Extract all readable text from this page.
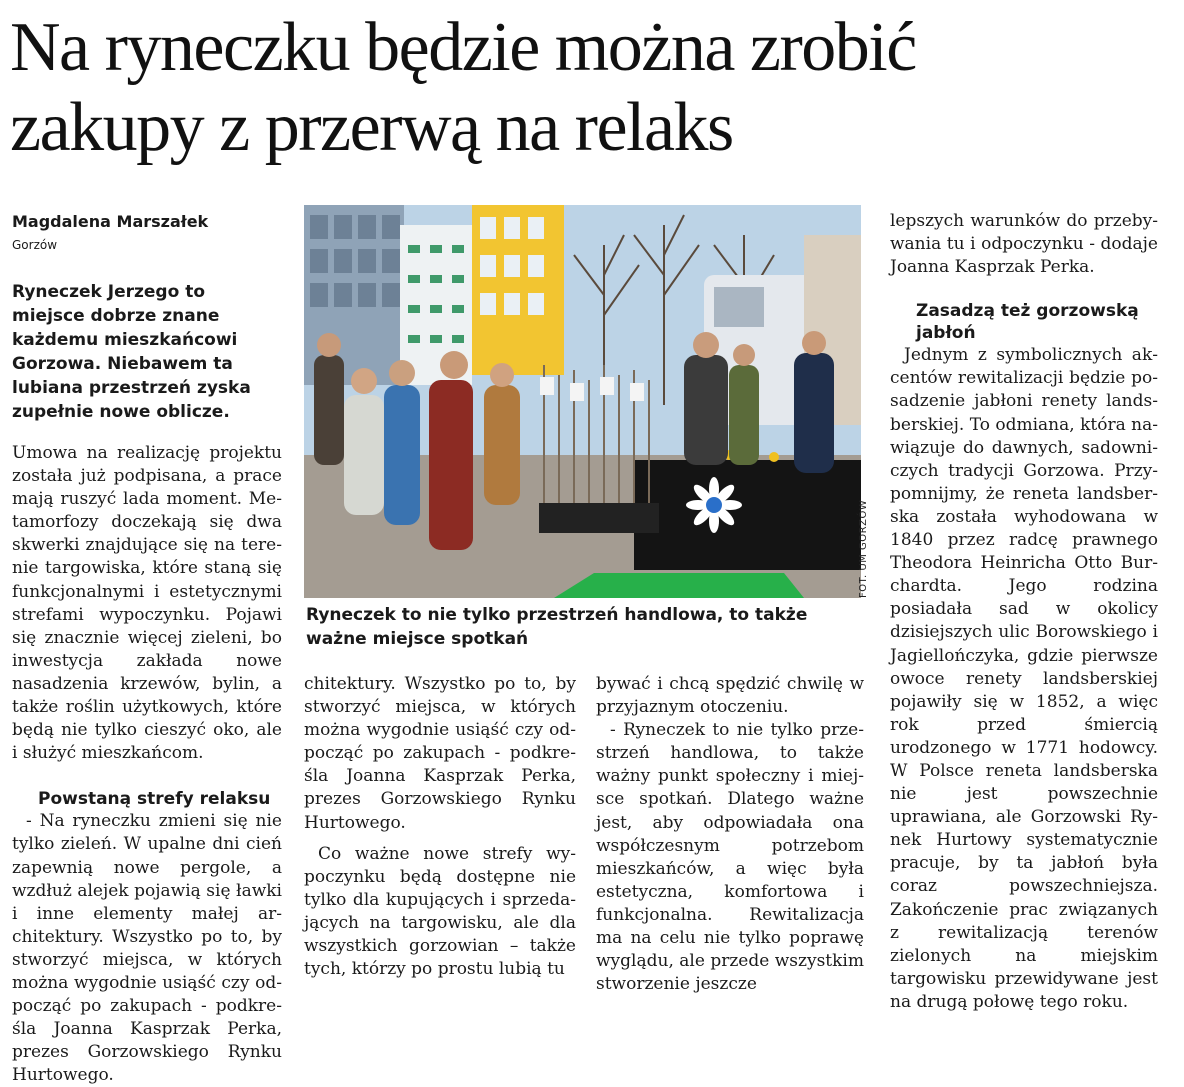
Na ryneczku będzie można zrobić
zakupy z przerwą na relaks
Magdalena Marszałek
Gorzów

Ryneczek Jerzego to miejsce dobrze znane każdemu mieszkańcowi Gorzowa. Niebawem ta lubiana przestrzeń zyska zupełnie nowe oblicze.

FOT. UM GORZÓW

Ryneczek to nie tylko przestrzeń handlowa, to także ważne miejsce spotkań

Umowa na realizację projektu została już podpisana, a prace mają ruszyć lada moment. Metamorfozy doczekają się dwa skwerki znajdujące się na terenie targowiska, które staną się funkcjonalnymi i estetycznymi strefami wypoczynku. Pojawi się znacznie więcej zieleni, bo inwestycja zakłada nowe nasadzenia krzewów, bylin, a także roślin użytkowych, które będą nie tylko cieszyć oko, ale i służyć mieszkańcom.

Powstaną strefy relaksu

- Na ryneczku zmieni się nie tylko zieleń. W upalne dni cień zapewnią nowe pergole, a wzdłuż alejek pojawią się ławki i inne elementy małej architektury. Wszystko po to, by stworzyć miejsca, w których można wygodnie usiąść czy odpocząć po zakupach - podkreśla Joanna Kasprzak Perka, prezes Gorzowskiego Rynku Hurtowego.

chitektury. Wszystko po to, by stworzyć miejsca, w których można wygodnie usiąść czy odpocząć po zakupach - podkreśla Joanna Kasprzak Perka, prezes Gorzowskiego Rynku Hurtowego.

Co ważne nowe strefy wypoczynku będą dostępne nie tylko dla kupujących i sprzedających na targowisku, ale dla wszystkich gorzowian – także tych, którzy po prostu lubią tu

bywać i chcą spędzić chwilę w przyjaznym otoczeniu.

- Ryneczek to nie tylko przestrzeń handlowa, to także ważny punkt społeczny i miejsce spotkań. Dlatego ważne jest, aby odpowiadała ona współczesnym potrzebom mieszkańców, a więc była estetyczna, komfortowa i funkcjonalna. Rewitalizacja ma na celu nie tylko poprawę wyglądu, ale przede wszystkim stworzenie jeszcze

lepszych warunków do przebywania tu i odpoczynku - dodaje Joanna Kasprzak Perka.

Zasadzą też gorzowską jabłoń

Jednym z symbolicznych akcentów rewitalizacji będzie posadzenie jabłoni renety landsberskiej. To odmiana, która nawiązuje do dawnych, sadowniczych tradycji Gorzowa. Przypomnijmy, że reneta landsberska została wyhodowana w 1840 przez radcę prawnego Theodora Heinricha Otto Burchardta. Jego rodzina posiadała sad w okolicy dzisiejszych ulic Borowskiego i Jagiellończyka, gdzie pierwsze owoce renety landsberskiej pojawiły się w 1852, a więc rok przed śmiercią urodzonego w 1771 hodowcy. W Polsce reneta landsberska nie jest powszechnie uprawiana, ale Gorzowski Rynek Hurtowy systematycznie pracuje, by ta jabłoń była coraz powszechniejsza. Zakończenie prac związanych z rewitalizacją terenów zielonych na miejskim targowisku przewidywane jest na drugą połowę tego roku.
